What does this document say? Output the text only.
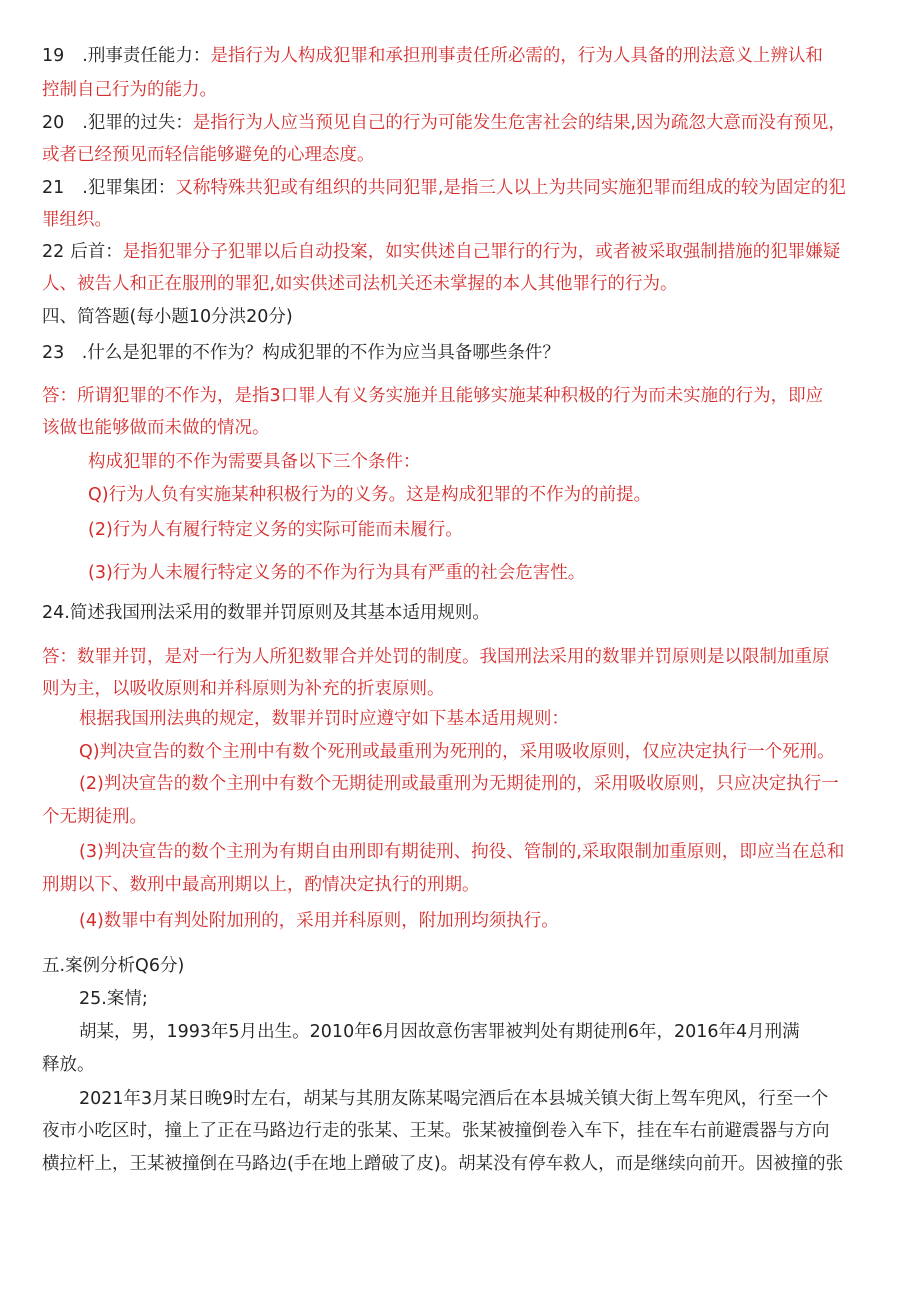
19 .刑事责任能力：是指行为人构成犯罪和承担刑事责任所必需的，行为人具备的刑法意义上辨认和
控制自己行为的能力。
20 .犯罪的过失：是指行为人应当预见自己的行为可能发生危害社会的结果,因为疏忽大意而没有预见，
或者已经预见而轻信能够避免的心理态度。
21 .犯罪集团：又称特殊共犯或有组织的共同犯罪,是指三人以上为共同实施犯罪而组成的较为固定的犯
罪组织。
22 后首：是指犯罪分子犯罪以后自动投案，如实供述自己罪行的行为，或者被采取强制措施的犯罪嫌疑
人、被告人和正在服刑的罪犯,如实供述司法机关还未掌握的本人其他罪行的行为。
四、简答题(每小题10分洪20分)
23　.什么是犯罪的不作为？构成犯罪的不作为应当具备哪些条件？
答：所谓犯罪的不作为，是指3口罪人有义务实施并且能够实施某种积极的行为而未实施的行为，即应
该做也能够做而未做的情况。
构成犯罪的不作为需要具备以下三个条件：
Q)行为人负有实施某种积极行为的义务。这是构成犯罪的不作为的前提。
(2)行为人有履行特定义务的实际可能而未履行。
(3)行为人未履行特定义务的不作为行为具有严重的社会危害性。
24.简述我国刑法采用的数罪并罚原则及其基本适用规则。
答：数罪并罚，是对一行为人所犯数罪合并处罚的制度。我国刑法采用的数罪并罚原则是以限制加重原
则为主，以吸收原则和并科原则为补充的折衷原则。
根据我国刑法典的规定，数罪并罚时应遵守如下基本适用规则：
Q)判决宣告的数个主刑中有数个死刑或最重刑为死刑的，采用吸收原则，仅应决定执行一个死刑。
(2)判决宣告的数个主刑中有数个无期徒刑或最重刑为无期徒刑的，采用吸收原则，只应决定执行一
个无期徒刑。
(3)判决宣告的数个主刑为有期自由刑即有期徒刑、拘役、管制的,采取限制加重原则，即应当在总和
刑期以下、数刑中最高刑期以上，酌情决定执行的刑期。
(4)数罪中有判处附加刑的，采用并科原则，附加刑均须执行。
五.案例分析Q6分)
25.案情;
胡某，男，1993年5月出生。2010年6月因故意伤害罪被判处有期徒刑6年，2016年4月刑满
释放。
2021年3月某日晚9时左右，胡某与其朋友陈某喝完酒后在本县城关镇大街上驾车兜风，行至一个
夜市小吃区时，撞上了正在马路边行走的张某、王某。张某被撞倒卷入车下，挂在车右前避震器与方向
横拉杆上，王某被撞倒在马路边(手在地上蹭破了皮)。胡某没有停车救人，而是继续向前开。因被撞的张
